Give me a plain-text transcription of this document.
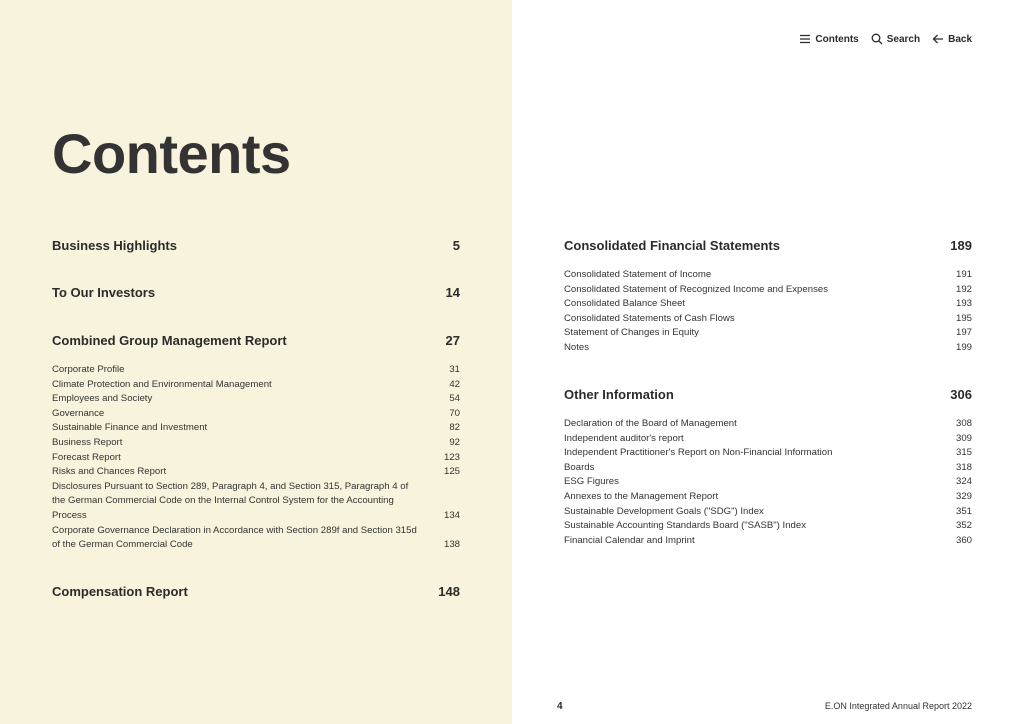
Contents	Search	Back
Contents
Business Highlights	5
To Our Investors	14
Combined Group Management Report	27
Corporate Profile	31
Climate Protection and Environmental Management	42
Employees and Society	54
Governance	70
Sustainable Finance and Investment	82
Business Report	92
Forecast Report	123
Risks and Chances Report	125
Disclosures Pursuant to Section 289, Paragraph 4, and Section 315, Paragraph 4 of the German Commercial Code on the Internal Control System for the Accounting Process	134
Corporate Governance Declaration in Accordance with Section 289f and Section 315d of the German Commercial Code	138
Compensation Report	148
Consolidated Financial Statements	189
Consolidated Statement of Income	191
Consolidated Statement of Recognized Income and Expenses	192
Consolidated Balance Sheet	193
Consolidated Statements of Cash Flows	195
Statement of Changes in Equity	197
Notes	199
Other Information	306
Declaration of the Board of Management	308
Independent auditor's report	309
Independent Practitioner's Report on Non-Financial Information	315
Boards	318
ESG Figures	324
Annexes to the Management Report	329
Sustainable Development Goals ("SDG") Index	351
Sustainable Accounting Standards Board ("SASB") Index	352
Financial Calendar and Imprint	360
4	E.ON Integrated Annual Report 2022
